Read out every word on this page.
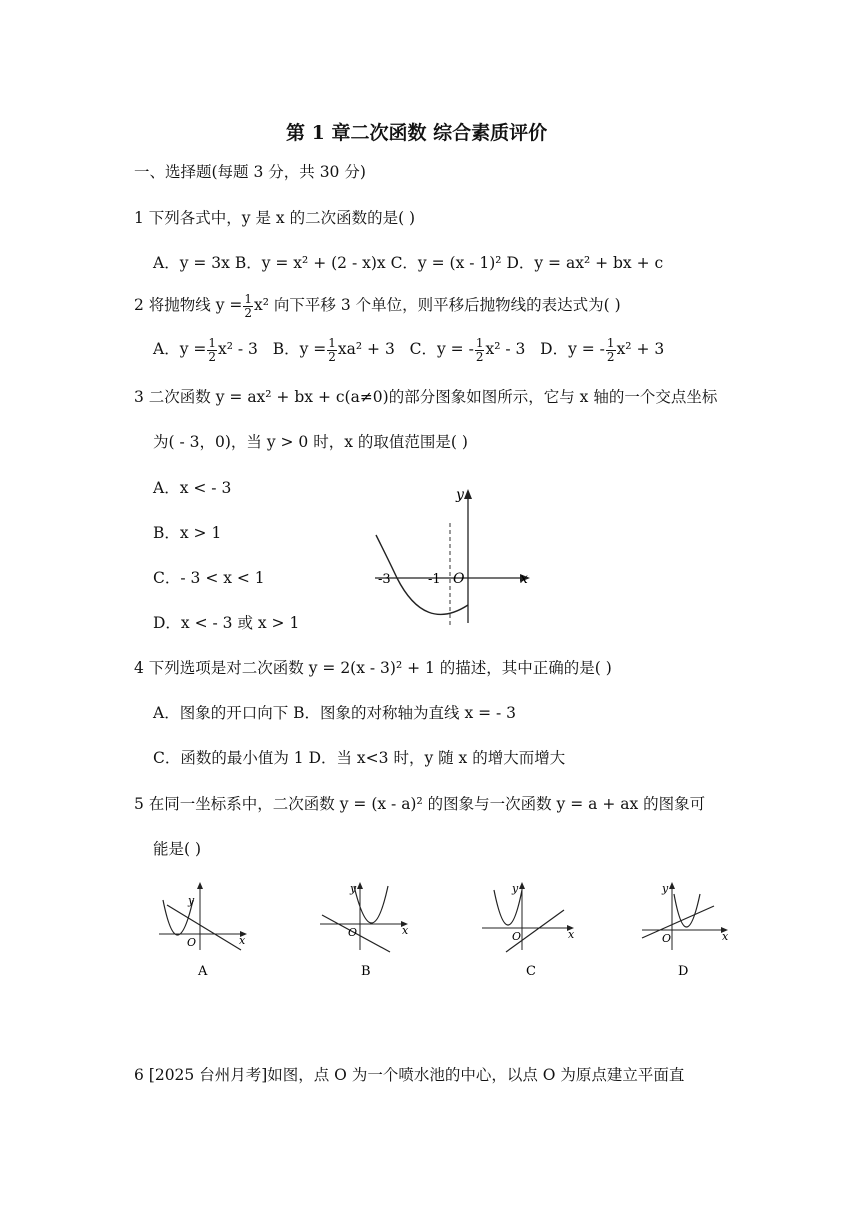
第 1 章二次函数 综合素质评价
一、选择题(每题 3 分，共 30 分)
1 下列各式中，y 是 x 的二次函数的是( )
A．y = 3x B．y = x² + (2 - x)x C．y = (x - 1)² D．y = ax² + bx + c
2 将抛物线 $y = \frac{1}{2} x^2$ 向下平移 3 个单位，则平移后抛物线的表达式为( )
A．$y = \frac{1}{2} x^2 - 3$ B．$y = \frac{1}{2} xa^2 + 3$ C．y = - $\frac{1}{2} x^2 - 3$ D．y = - $\frac{1}{2} x^2 + 3$
3 二次函数 y = ax² + bx + c(a≠0)的部分图象如图所示，它与 x 轴的一个交点坐标
为( - 3，0)，当 y > 0 时，x 的取值范围是( )
A．x < - 3
B．x > 1
C．- 3 < x < 1
D．x < - 3 或 x > 1
y
x
-3	-1 O
4 下列选项是对二次函数 y = 2(x - 3)² + 1 的描述，其中正确的是( )
A．图象的开口向下 B．图象的对称轴为直线 x = - 3
C．函数的最小值为 1 D．当 x<3 时，y 随 x 的增大而增大
5 在同一坐标系中，二次函数 y = (x - a)² 的图象与一次函数 y = a + ax 的图象可
能是( )
y
x
O
A
y
x
O
B
y
x
O
C
y
x
O
D
6 [2025 台州月考]如图，点 O 为一个喷水池的中心，以点 O 为原点建立平面直
